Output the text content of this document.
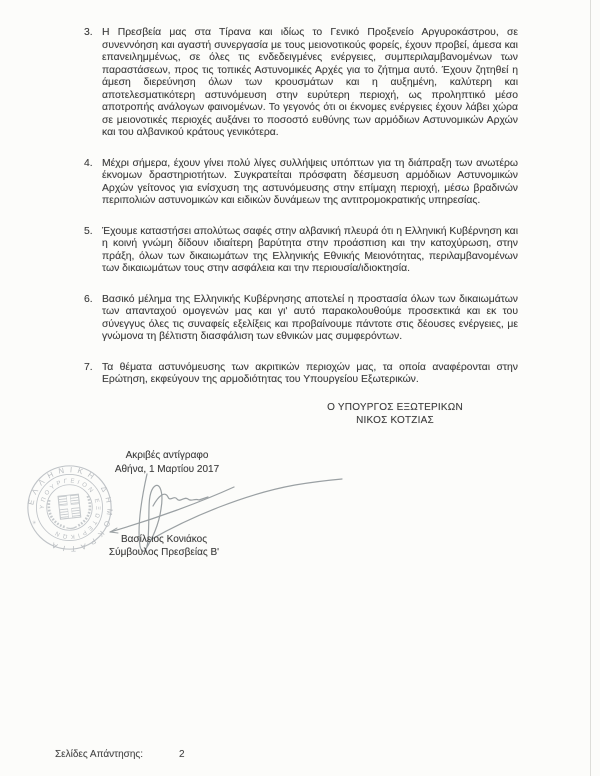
3. Η Πρεσβεία μας στα Τίρανα και ιδίως το Γενικό Προξενείο Αργυροκάστρου, σε συνεννόηση και αγαστή συνεργασία με τους μειονοτικούς φορείς, έχουν προβεί, άμεσα και επανειλημμένως, σε όλες τις ενδεδειγμένες ενέργειες, συμπεριλαμβανομένων των παραστάσεων, προς τις τοπικές Αστυνομικές Αρχές για το ζήτημα αυτό. Έχουν ζητηθεί η άμεση διερεύνηση όλων των κρουσμάτων και η αυξημένη, καλύτερη και αποτελεσματικότερη αστυνόμευση στην ευρύτερη περιοχή, ως προληπτικό μέσο αποτροπής ανάλογων φαινομένων. Το γεγονός ότι οι έκνομες ενέργειες έχουν λάβει χώρα σε μειονοτικές περιοχές αυξάνει το ποσοστό ευθύνης των αρμόδιων Αστυνομικών Αρχών και του αλβανικού κράτους γενικότερα.
4. Μέχρι σήμερα, έχουν γίνει πολύ λίγες συλλήψεις υπόπτων για τη διάπραξη των ανωτέρω έκνομων δραστηριοτήτων. Συγκρατείται πρόσφατη δέσμευση αρμόδιων Αστυνομικών Αρχών γείτονος για ενίσχυση της αστυνόμευσης στην επίμαχη περιοχή, μέσω βραδινών περιπολιών αστυνομικών και ειδικών δυνάμεων της αντιτρομοκρατικής υπηρεσίας.
5. Έχουμε καταστήσει απολύτως σαφές στην αλβανική πλευρά ότι η Ελληνική Κυβέρνηση και η κοινή γνώμη δίδουν ιδιαίτερη βαρύτητα στην προάσπιση και την κατοχύρωση, στην πράξη, όλων των δικαιωμάτων της Ελληνικής Εθνικής Μειονότητας, περιλαμβανομένων των δικαιωμάτων τους στην ασφάλεια και την περιουσία/ιδιοκτησία.
6. Βασικό μέλημα της Ελληνικής Κυβέρνησης αποτελεί η προστασία όλων των δικαιωμάτων των απανταχού ομογενών μας και γι' αυτό παρακολουθούμε προσεκτικά και εκ του σύνεγγυς όλες τις συναφείς εξελίξεις και προβαίνουμε πάντοτε στις δέουσες ενέργειες, με γνώμονα τη βέλτιστη διασφάλιση των εθνικών μας συμφερόντων.
7. Τα θέματα αστυνόμευσης των ακριτικών περιοχών μας, τα οποία αναφέρονται στην Ερώτηση, εκφεύγουν της αρμοδιότητας του Υπουργείου Εξωτερικών.
Ο ΥΠΟΥΡΓΟΣ ΕΞΩΤΕΡΙΚΩΝ
ΝΙΚΟΣ ΚΟΤΖΙΑΣ
ΕΛΛΗΝΙΚΗ ΔΗΜΟΚΡΑΤΙΑ
ΥΠΟΥΡΓΕΙΟΝ ΕΞΩΤΕΡΙΚΩΝ
✳
Ακριβές αντίγραφο
Αθήνα, 1 Μαρτίου 2017
Βασίλειος Κονιάκος
Σύμβουλος Πρεσβείας Β'
Σελίδες Απάντησης:	2
